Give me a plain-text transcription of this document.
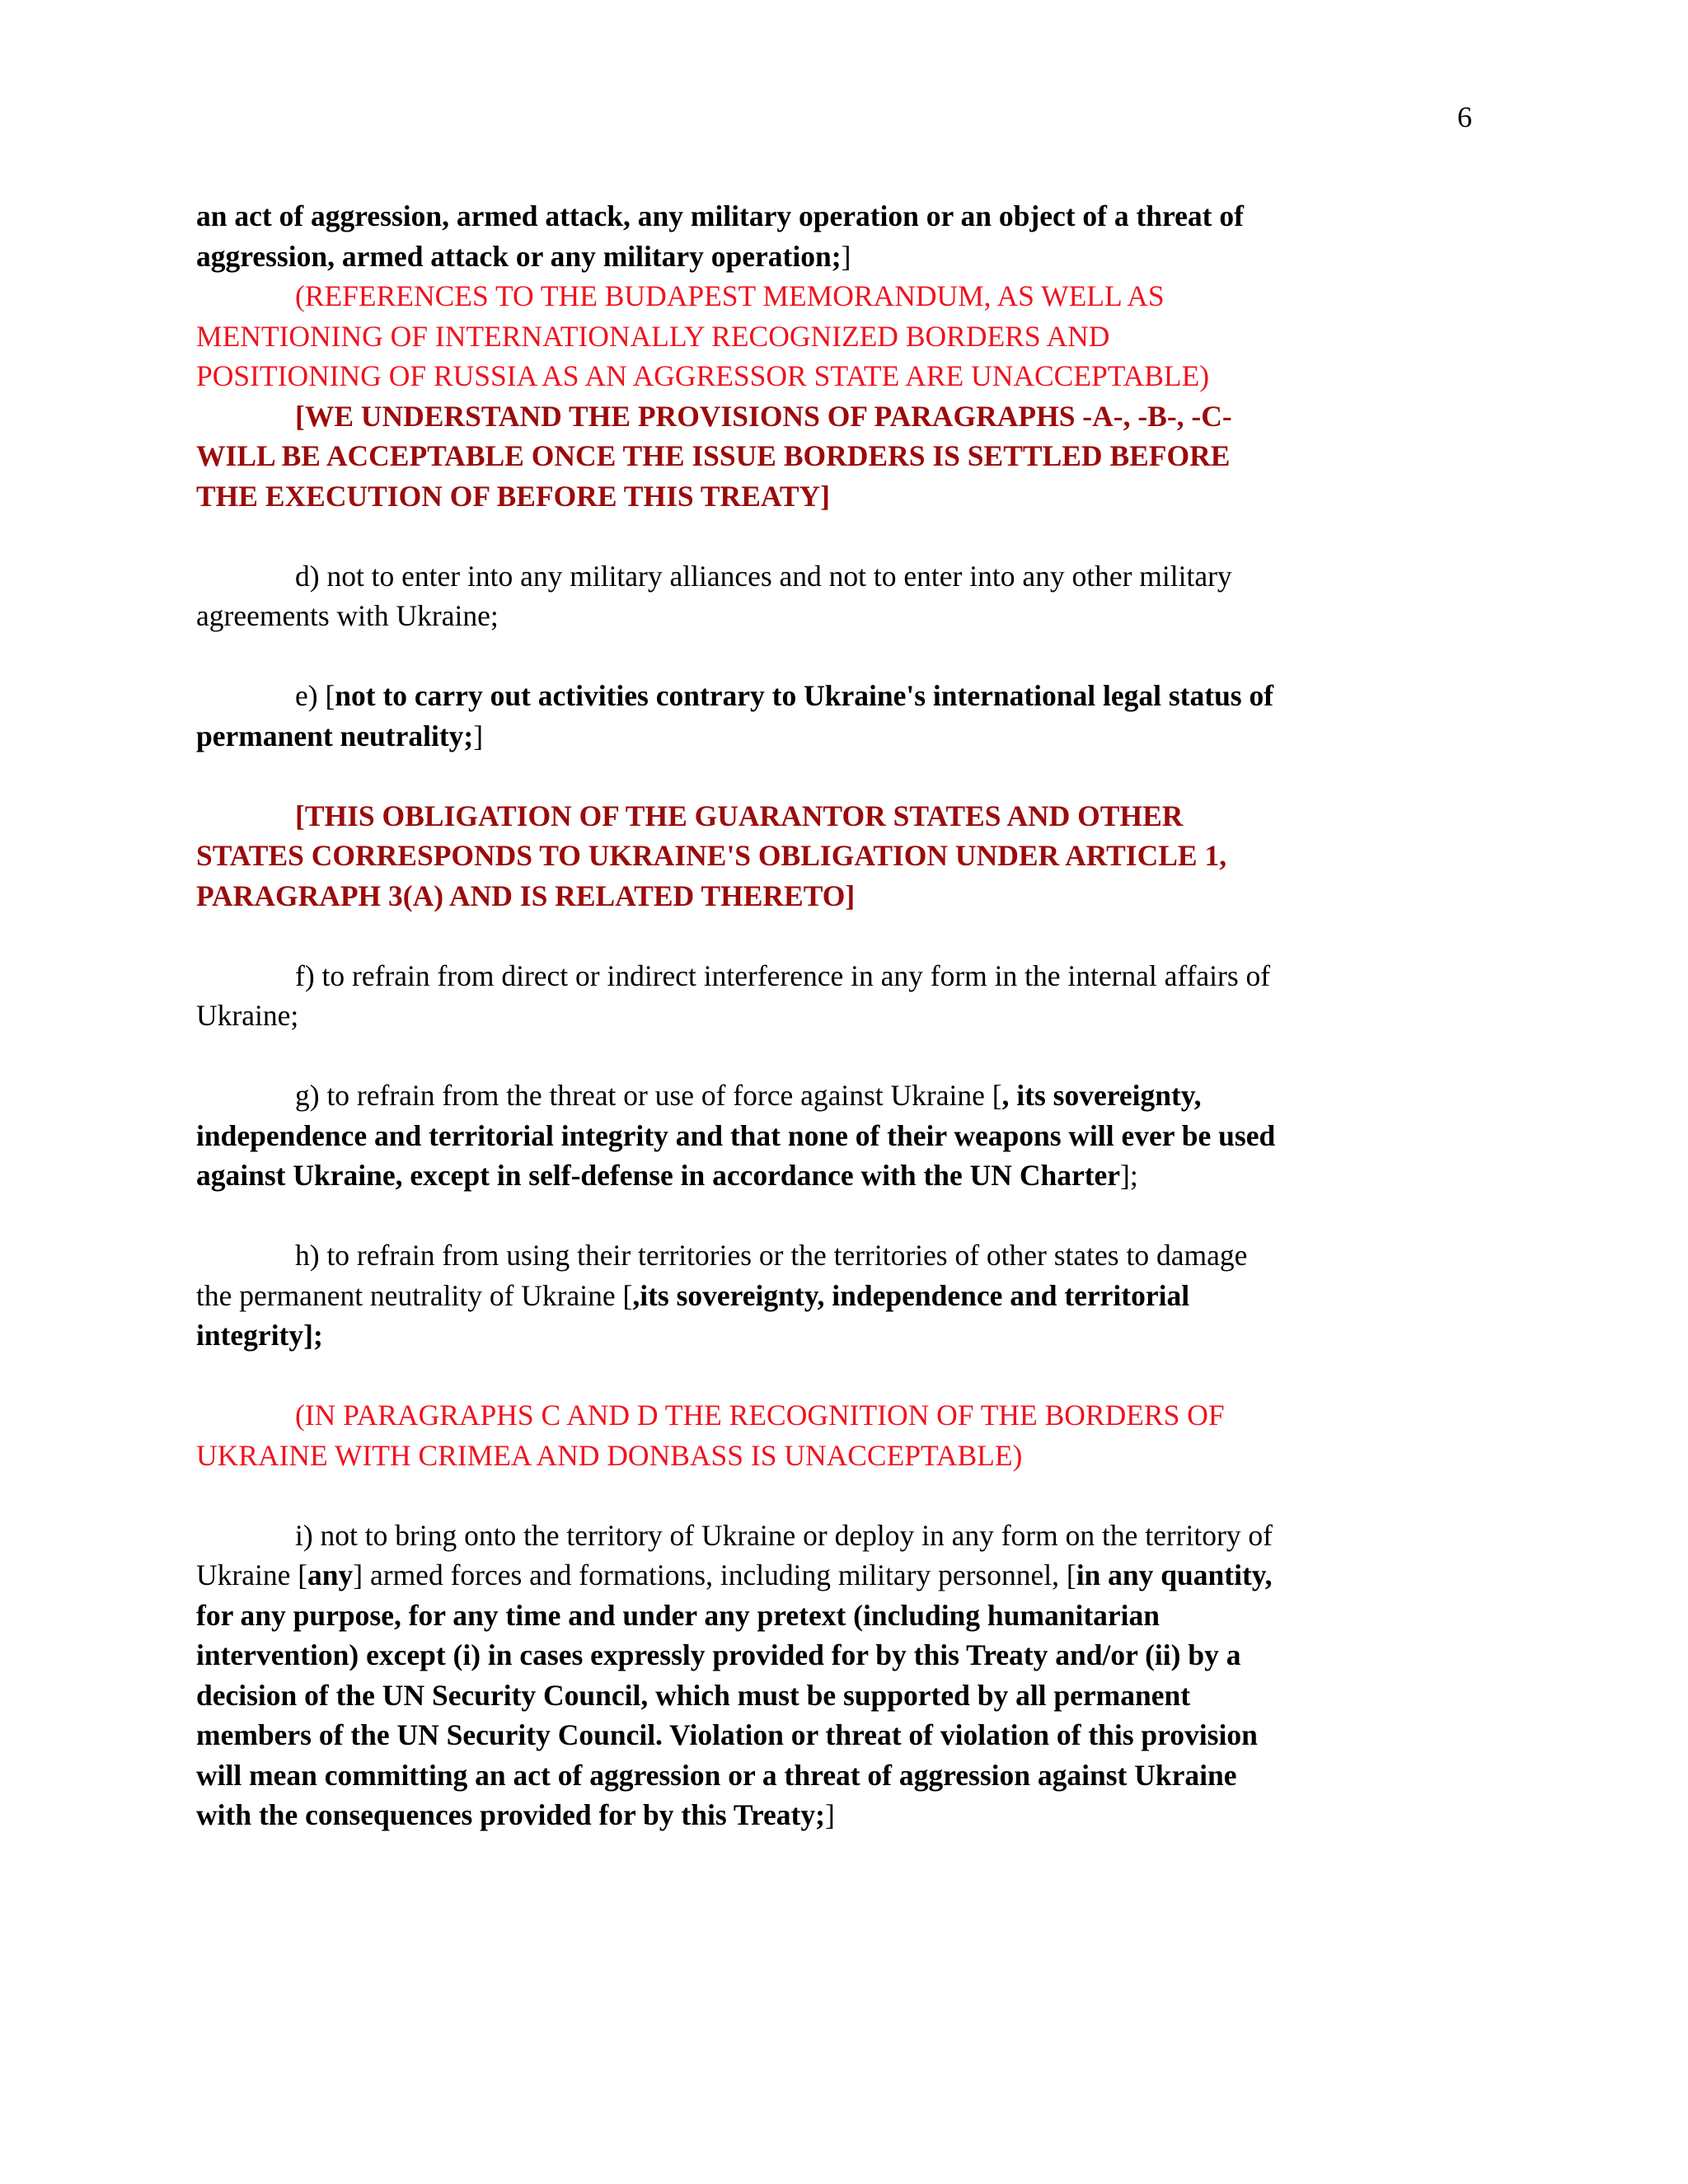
6

an act of aggression, armed attack, any military operation or an object of a threat of aggression, armed attack or any military operation;]

(REFERENCES TO THE BUDAPEST MEMORANDUM, AS WELL AS MENTIONING OF INTERNATIONALLY RECOGNIZED BORDERS AND POSITIONING OF RUSSIA AS AN AGGRESSOR STATE ARE UNACCEPTABLE)

[WE UNDERSTAND THE PROVISIONS OF PARAGRAPHS -A-, -B-, -C- WILL BE ACCEPTABLE ONCE THE ISSUE BORDERS IS SETTLED BEFORE THE EXECUTION OF BEFORE THIS TREATY]

d) not to enter into any military alliances and not to enter into any other military agreements with Ukraine;

e) [not to carry out activities contrary to Ukraine's international legal status of permanent neutrality;]

[THIS OBLIGATION OF THE GUARANTOR STATES AND OTHER STATES CORRESPONDS TO UKRAINE'S OBLIGATION UNDER ARTICLE 1, PARAGRAPH 3(A) AND IS RELATED THERETO]

f) to refrain from direct or indirect interference in any form in the internal affairs of Ukraine;

g) to refrain from the threat or use of force against Ukraine [, its sovereignty, independence and territorial integrity and that none of their weapons will ever be used against Ukraine, except in self-defense in accordance with the UN Charter];

h) to refrain from using their territories or the territories of other states to damage the permanent neutrality of Ukraine [,its sovereignty, independence and territorial integrity];

(IN PARAGRAPHS C AND D THE RECOGNITION OF THE BORDERS OF UKRAINE WITH CRIMEA AND DONBASS IS UNACCEPTABLE)

i) not to bring onto the territory of Ukraine or deploy in any form on the territory of Ukraine [any] armed forces and formations, including military personnel, [in any quantity, for any purpose, for any time and under any pretext (including humanitarian intervention) except (i) in cases expressly provided for by this Treaty and/or (ii) by a decision of the UN Security Council, which must be supported by all permanent members of the UN Security Council. Violation or threat of violation of this provision will mean committing an act of aggression or a threat of aggression against Ukraine with the consequences provided for by this Treaty;]
